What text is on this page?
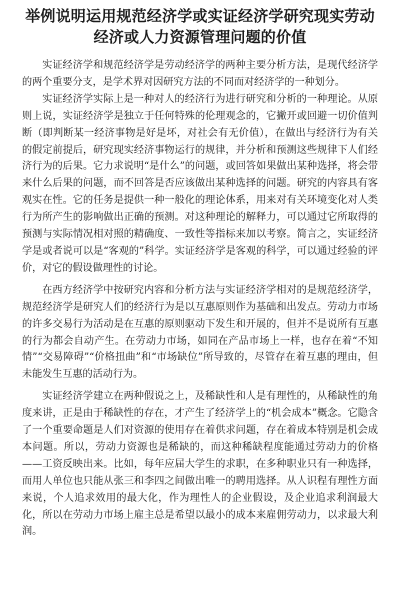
举例说明运用规范经济学或实证经济学研究现实劳动
经济或人力资源管理问题的价值

实证经济学和规范经济学是劳动经济学的两种主要分析方法，是现代经济学的两个重要分支，是学术界对因研究方法的不同而对经济学的一种划分。

实证经济学实际上是一种对人的经济行为进行研究和分析的一种理论。从原则上说，实证经济学是独立于任何特殊的伦理观念的，它撇开或回避一切价值判断（即判断某一经济事物是好是坏，对社会有无价值），在做出与经济行为有关的假定前提后，研究现实经济事物运行的规律，并分析和预测这些规律下人们经济行为的后果。它力求说明“是什么”的问题，或回答如果做出某种选择，将会带来什么后果的问题，而不回答是否应该做出某种选择的问题。研究的内容具有客观实在性。它的任务是提供一种一般化的理论体系，用来对有关环境变化对人类行为所产生的影响做出正确的预测。对这种理论的解释力，可以通过它所取得的预测与实际情况相对照的精确度、一致性等指标来加以考察。简言之，实证经济学是或者说可以是“客观的”科学。实证经济学是客观的科学，可以通过经验的评价，对它的假设做理性的讨论。

在西方经济学中按研究内容和分析方法与实证经济学相对的是规范经济学，规范经济学是研究人们的经济行为是以互惠原则作为基础和出发点。劳动力市场的许多交易行为活动是在互惠的原则驱动下发生和开展的，但并不是说所有互惠的行为都会自动产生。在劳动力市场，如同在产品市场上一样，也存在着“不知情”“交易障碍”“价格扭曲”和“市场缺位”所导致的，尽管存在着互惠的理由，但未能发生互惠的活动行为。

实证经济学建立在两种假说之上，及稀缺性和人是有理性的，从稀缺性的角度来讲，正是由于稀缺性的存在，才产生了经济学上的“机会成本”概念。它隐含了一个重要命题是人们对资源的使用存在着供求问题，存在着成本特别是机会成本问题。所以，劳动力资源也是稀缺的，而这种稀缺程度能通过劳动力的价格——工资反映出来。比如，每年应届大学生的求职，在多种职业只有一种选择，而用人单位也只能从张三和李四之间做出唯一的聘用选择。从人识程有理性方面来说，个人追求效用的最大化，作为理性人的企业假设，及企业追求利润最大化，所以在劳动力市场上雇主总是希望以最小的成本来雇佣劳动力，以求最大利润。
